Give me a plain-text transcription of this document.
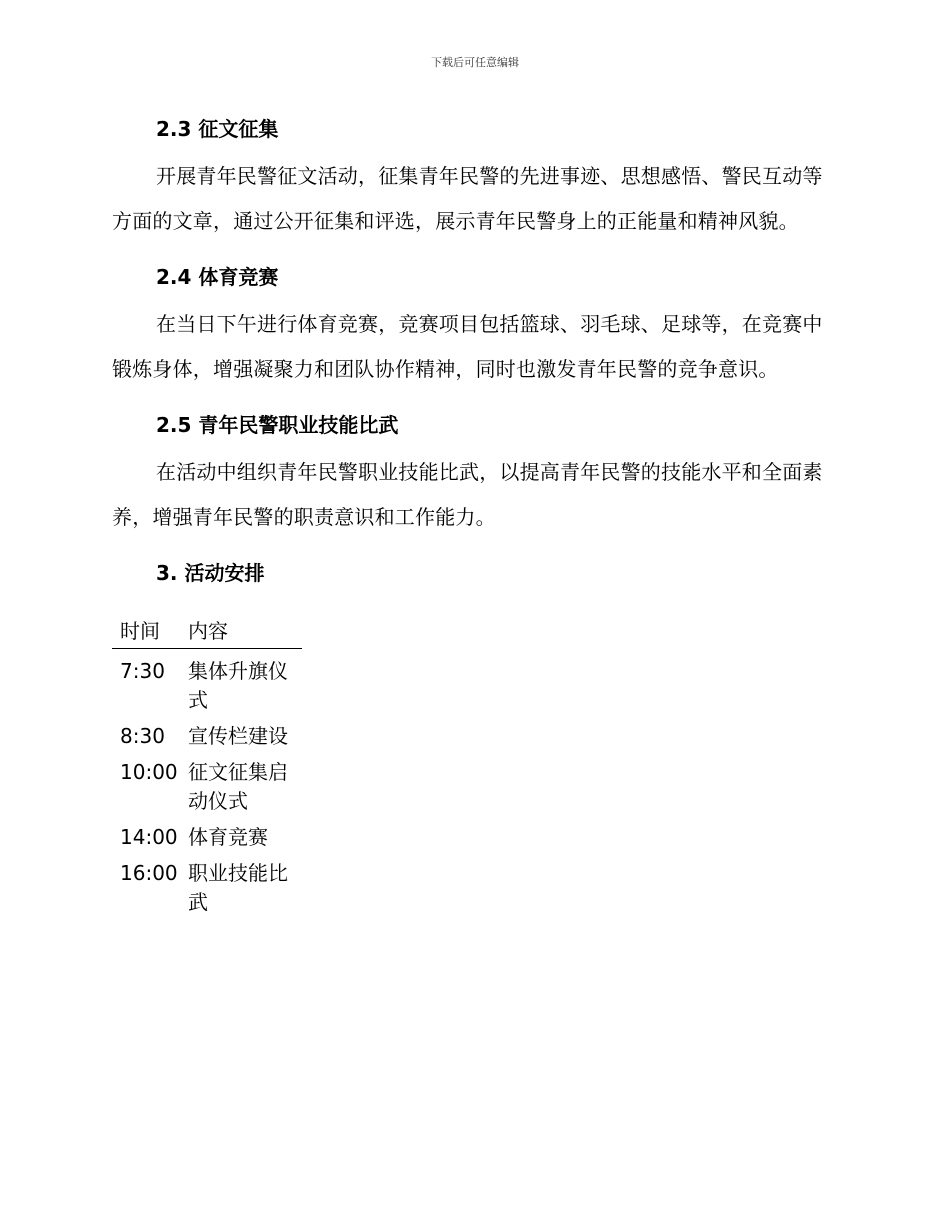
下载后可任意编辑
2.3 征文征集

开展青年民警征文活动，征集青年民警的先进事迹、思想感悟、警民互动等方面的文章，通过公开征集和评选，展示青年民警身上的正能量和精神风貌。

2.4 体育竞赛

在当日下午进行体育竞赛，竞赛项目包括篮球、羽毛球、足球等，在竞赛中锻炼身体，增强凝聚力和团队协作精神，同时也激发青年民警的竞争意识。

2.5 青年民警职业技能比武

在活动中组织青年民警职业技能比武，以提高青年民警的技能水平和全面素养，增强青年民警的职责意识和工作能力。

3. 活动安排
时间	内容
7:30	集体升旗仪式
8:30	宣传栏建设
10:00	征文征集启动仪式
14:00	体育竞赛
16:00	职业技能比武
